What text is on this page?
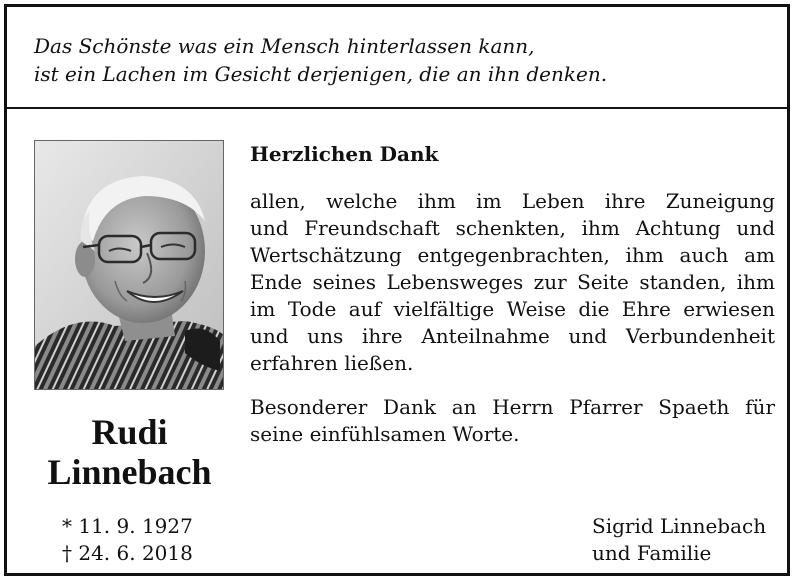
Das Schönste was ein Mensch hinterlassen kann,
ist ein Lachen im Gesicht derjenigen, die an ihn denken.
Rudi
Linnebach
* 11. 9. 1927
† 24. 6. 2018

Herzlichen Dank

allen, welche ihm im Leben ihre Zuneigung
und Freundschaft schenkten, ihm Achtung und
Wertschätzung entgegenbrachten, ihm auch am
Ende seines Lebensweges zur Seite standen, ihm
im Tode auf vielfältige Weise die Ehre erwiesen
und uns ihre Anteilnahme und Verbundenheit
erfahren ließen.

Besonderer Dank an Herrn Pfarrer Spaeth für
seine einfühlsamen Worte.
Sigrid Linnebach
und Familie
